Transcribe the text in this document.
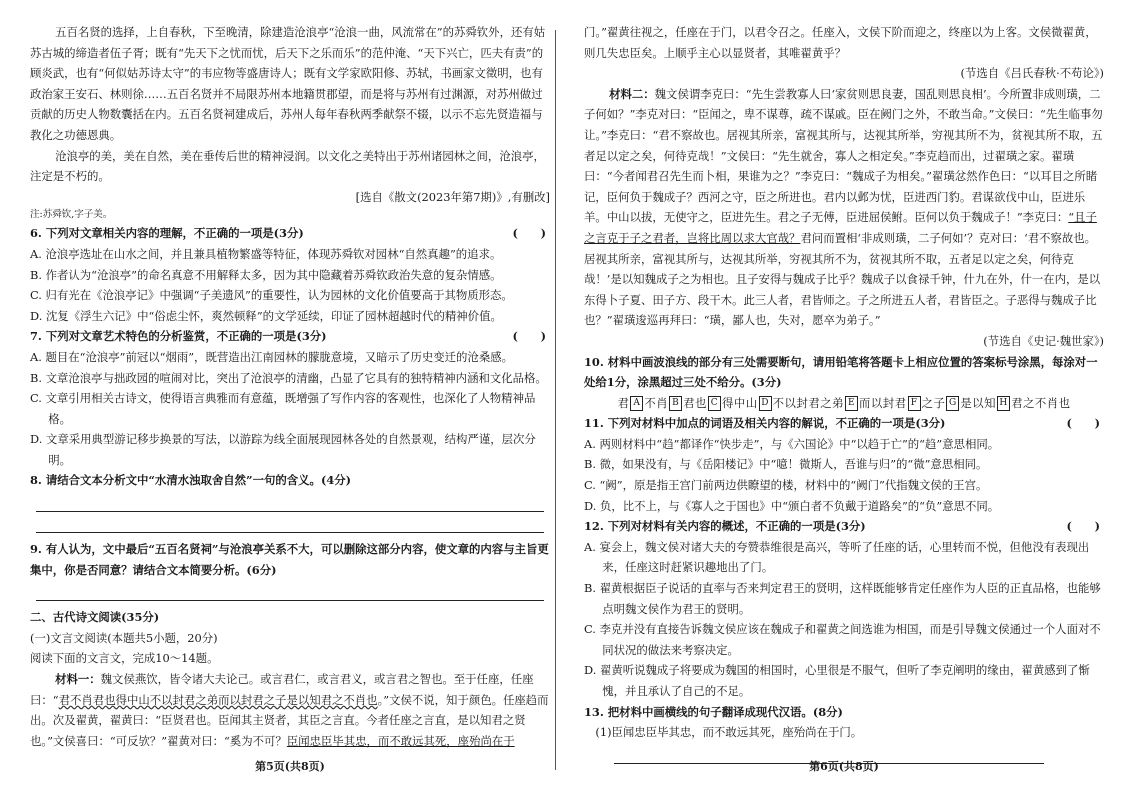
五百名贤的选择，上自春秋，下至晚清，除建造沧浪亭“沧浪一曲，风流常在”的苏舜钦外，还有姑苏古城的缔造者伍子胥；既有“先天下之忧而忧，后天下之乐而乐”的范仲淹、“天下兴亡，匹夫有责”的顾炎武，也有“何似姑苏诗太守”的韦应物等盛唐诗人；既有文学家欧阳修、苏轼，书画家文徵明，也有政治家王安石、林则徐……五百名贤并不局限苏州本地籍贯郡望，而是将与苏州有过渊源，对苏州做过贡献的历史人物数囊括在内。五百名贤祠建成后，苏州人每年春秋两季献祭不辍，以示不忘先贤造福与教化之功德恩典。

沧浪亭的美，美在自然，美在垂传后世的精神浸润。以文化之美特出于苏州诸园林之间，沧浪亭，注定是不朽的。

[选自《散文(2023年第7期)》,有删改]

注:苏舜钦,字子美。

6. 下列对文章相关内容的理解，不正确的一项是(3分)	(　　)

A. 沧浪亭选址在山水之间，并且兼具植物繁盛等特征，体现苏舜钦对园林“自然真趣”的追求。

B. 作者认为“沧浪亭”的命名真意不用解释太多，因为其中隐藏着苏舜钦政治失意的复杂情感。

C. 归有光在《沧浪亭记》中强调“子美遗风”的重要性，认为园林的文化价值要高于其物质形态。

D. 沈复《浮生六记》中“俗虑尘怀，爽然顿释”的文学延续，印证了园林超越时代的精神价值。

7. 下列对文章艺术特色的分析鉴赏，不正确的一项是(3分)	(　　)

A. 题目在“沧浪亭”前冠以“烟雨”，既营造出江南园林的朦胧意境，又暗示了历史变迁的沧桑感。

B. 文章沧浪亭与拙政园的喧闹对比，突出了沧浪亭的清幽，凸显了它具有的独特精神内涵和文化品格。

C. 文章引用相关古诗文，使得语言典雅而有意蕴，既增强了写作内容的客观性，也深化了人物精神品格。

D. 文章采用典型游记移步换景的写法，以游踪为线全面展现园林各处的自然景观，结构严谨，层次分明。

8. 请结合文本分析文中“水清水浊取舍自然”一句的含义。(4分)

9. 有人认为，文中最后“五百名贤祠”与沧浪亭关系不大，可以删除这部分内容，使文章的内容与主旨更集中，你是否同意？请结合文本简要分析。(6分)

二、古代诗文阅读(35分)

(一)文言文阅读(本题共5小题，20分)

阅读下面的文言文，完成10～14题。

材料一：魏文侯燕饮，皆令诸大夫论己。或言君仁，或言君义，或言君之智也。至于任座，任座曰：“君不肖君也得中山不以封君之弟而以封君之子是以知君之不肖也。”文侯不说，知于颜色。任座趋而出。次及翟黄，翟黄曰：“臣贤君也。臣闻其主贤者，其臣之言直。今者任座之言直，是以知君之贤也。”文侯喜曰：“可反欤？”翟黄对曰：“奚为不可？臣闻忠臣毕其忠，而不敢远其死，座殆尚在于

第5页(共8页)

门。”翟黄往视之，任座在于门，以君令召之。任座入，文侯下阶而迎之，终座以为上客。文侯微翟黄，则几失忠臣矣。上顺乎主心以显贤者，其唯翟黄乎？

(节选自《吕氏春秋·不苟论》)

材料二：魏文侯谓李克曰：“先生尝教寡人曰‘家贫则思良妻，国乱则思良相’。今所置非成则璜，二子何如？”李克对曰：“臣闻之，卑不谋尊，疏不谋戚。臣在阙门之外，不敢当命。”文侯曰：“先生临事勿让。”李克曰：“君不察故也。居视其所亲，富视其所与，达视其所举，穷视其所不为，贫视其所不取，五者足以定之矣，何待克哉！”文侯曰：“先生就舍，寡人之相定矣。”李克趋而出，过翟璜之家。翟璜曰：“今者闻君召先生而卜相，果谁为之？”李克曰：“魏成子为相矣。”翟璜忿然作色曰：“以耳目之所睹记，臣何负于魏成子？西河之守，臣之所进也。君内以邺为忧，臣进西门豹。君谋欲伐中山，臣进乐羊。中山以拔，无使守之，臣进先生。君之子无傅，臣进屈侯鲋。臣何以负于魏成子！”李克曰：“且子之言克于子之君者，岂将比周以求大官哉？君问而置相‘非成则璜，二子何如’？克对曰：‘君不察故也。居视其所亲，富视其所与，达视其所举，穷视其所不为，贫视其所不取，五者足以定之矣，何待克哉！’是以知魏成子之为相也。且子安得与魏成子比乎？魏成子以食禄千钟，什九在外，什一在内，是以东得卜子夏、田子方、段干木。此三人者，君皆师之。子之所进五人者，君皆臣之。子恶得与魏成子比也？”翟璜逡巡再拜曰：“璜，鄙人也，失对，愿卒为弟子。”

(节选自《史记·魏世家》)

10. 材料中画波浪线的部分有三处需要断句，请用铅笔将答题卡上相应位置的答案标号涂黑，每涂对一处给1分，涂黑超过三处不给分。(3分)

君 A 不肖 B 君也 C 得中山 D 不以封君之弟 E 而以封君 F 之子 G 是以知 H 君之不肖也

11. 下列对材料中加点的词语及相关内容的解说，不正确的一项是(3分)	(　　)

A. 两则材料中“趋”都译作“快步走”，与《六国论》中“以趋于亡”的“趋”意思相同。

B. 微，如果没有，与《岳阳楼记》中“噫！微斯人，吾谁与归”的“微”意思相同。

C. “阙”，原是指王宫门前两边供瞭望的楼，材料中的“阙门”代指魏文侯的王宫。

D. 负，比不上，与《寡人之于国也》中“颁白者不负戴于道路矣”的“负”意思不同。

12. 下列对材料有关内容的概述，不正确的一项是(3分)	(　　)

A. 宴会上，魏文侯对诸大夫的夸赞恭维很是高兴，等听了任座的话，心里转而不悦，但他没有表现出来，任座这时赶紧识趣地出了门。

B. 翟黄根据臣子说话的直率与否来判定君王的贤明，这样既能够肯定任座作为人臣的正直品格，也能够点明魏文侯作为君王的贤明。

C. 李克并没有直接告诉魏文侯应该在魏成子和翟黄之间选谁为相国，而是引导魏文侯通过一个人面对不同状况的做法来考察决定。

D. 翟黄听说魏成子将要成为魏国的相国时，心里很是不服气，但听了李克阐明的缘由，翟黄感到了惭愧，并且承认了自己的不足。

13. 把材料中画横线的句子翻译成现代汉语。(8分)

(1)臣闻忠臣毕其忠，而不敢远其死，座殆尚在于门。

第6页(共8页)
